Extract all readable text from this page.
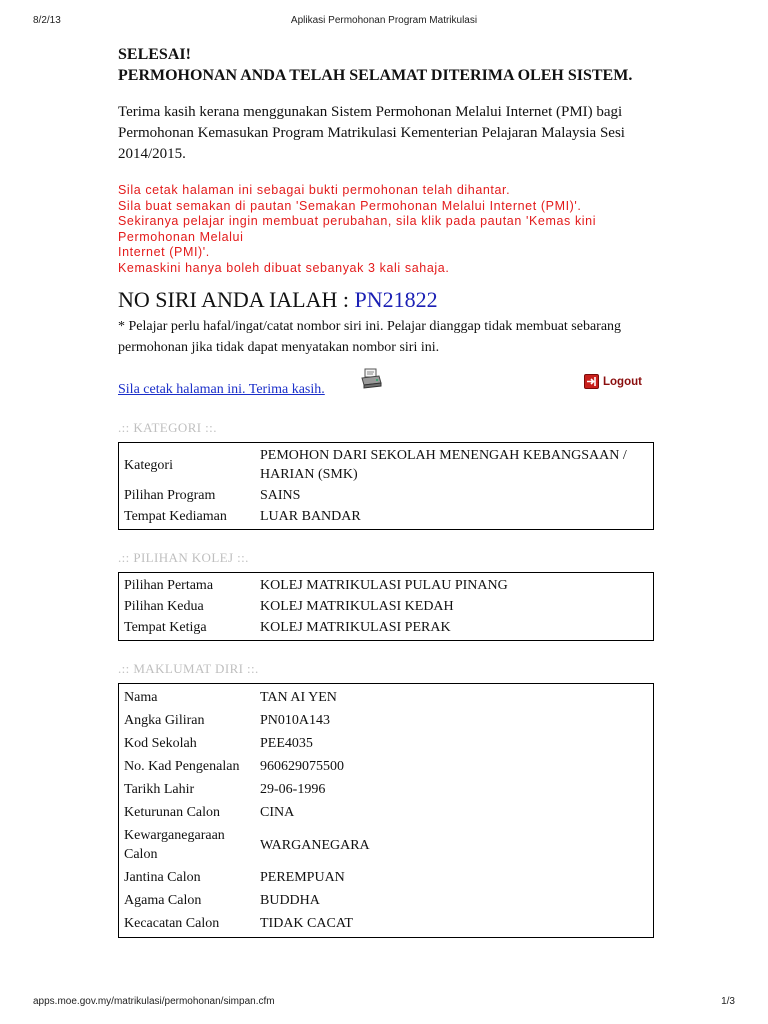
8/2/13	Aplikasi Permohonan Program Matrikulasi

SELESAI!
PERMOHONAN ANDA TELAH SELAMAT DITERIMA OLEH SISTEM.

Terima kasih kerana menggunakan Sistem Permohonan Melalui Internet (PMI) bagi Permohonan Kemasukan Program Matrikulasi Kementerian Pelajaran Malaysia Sesi 2014/2015.

Sila cetak halaman ini sebagai bukti permohonan telah dihantar.
Sila buat semakan di pautan 'Semakan Permohonan Melalui Internet (PMI)'.
Sekiranya pelajar ingin membuat perubahan, sila klik pada pautan 'Kemas kini Permohonan Melalui
Internet (PMI)'.
Kemaskini hanya boleh dibuat sebanyak 3 kali sahaja.
NO SIRI ANDA IALAH : PN21822
* Pelajar perlu hafal/ingat/catat nombor siri ini. Pelajar dianggap tidak membuat sebarang permohonan jika tidak dapat menyatakan nombor siri ini.
Sila cetak halaman ini. Terima kasih.
Logout
.:: KATEGORI ::.
Kategori	PEMOHON DARI SEKOLAH MENENGAH KEBANGSAAN / HARIAN (SMK)
Pilihan Program	SAINS
Tempat Kediaman	LUAR BANDAR
.:: PILIHAN KOLEJ ::.
Pilihan Pertama	KOLEJ MATRIKULASI PULAU PINANG
Pilihan Kedua	KOLEJ MATRIKULASI KEDAH
Tempat Ketiga	KOLEJ MATRIKULASI PERAK
.:: MAKLUMAT DIRI ::.
Nama	TAN AI YEN
Angka Giliran	PN010A143
Kod Sekolah	PEE4035
No. Kad Pengenalan	960629075500
Tarikh Lahir	29-06-1996
Keturunan Calon	CINA
Kewarganegaraan Calon	WARGANEGARA
Jantina Calon	PEREMPUAN
Agama Calon	BUDDHA
Kecacatan Calon	TIDAK CACAT
apps.moe.gov.my/matrikulasi/permohonan/simpan.cfm	1/3
